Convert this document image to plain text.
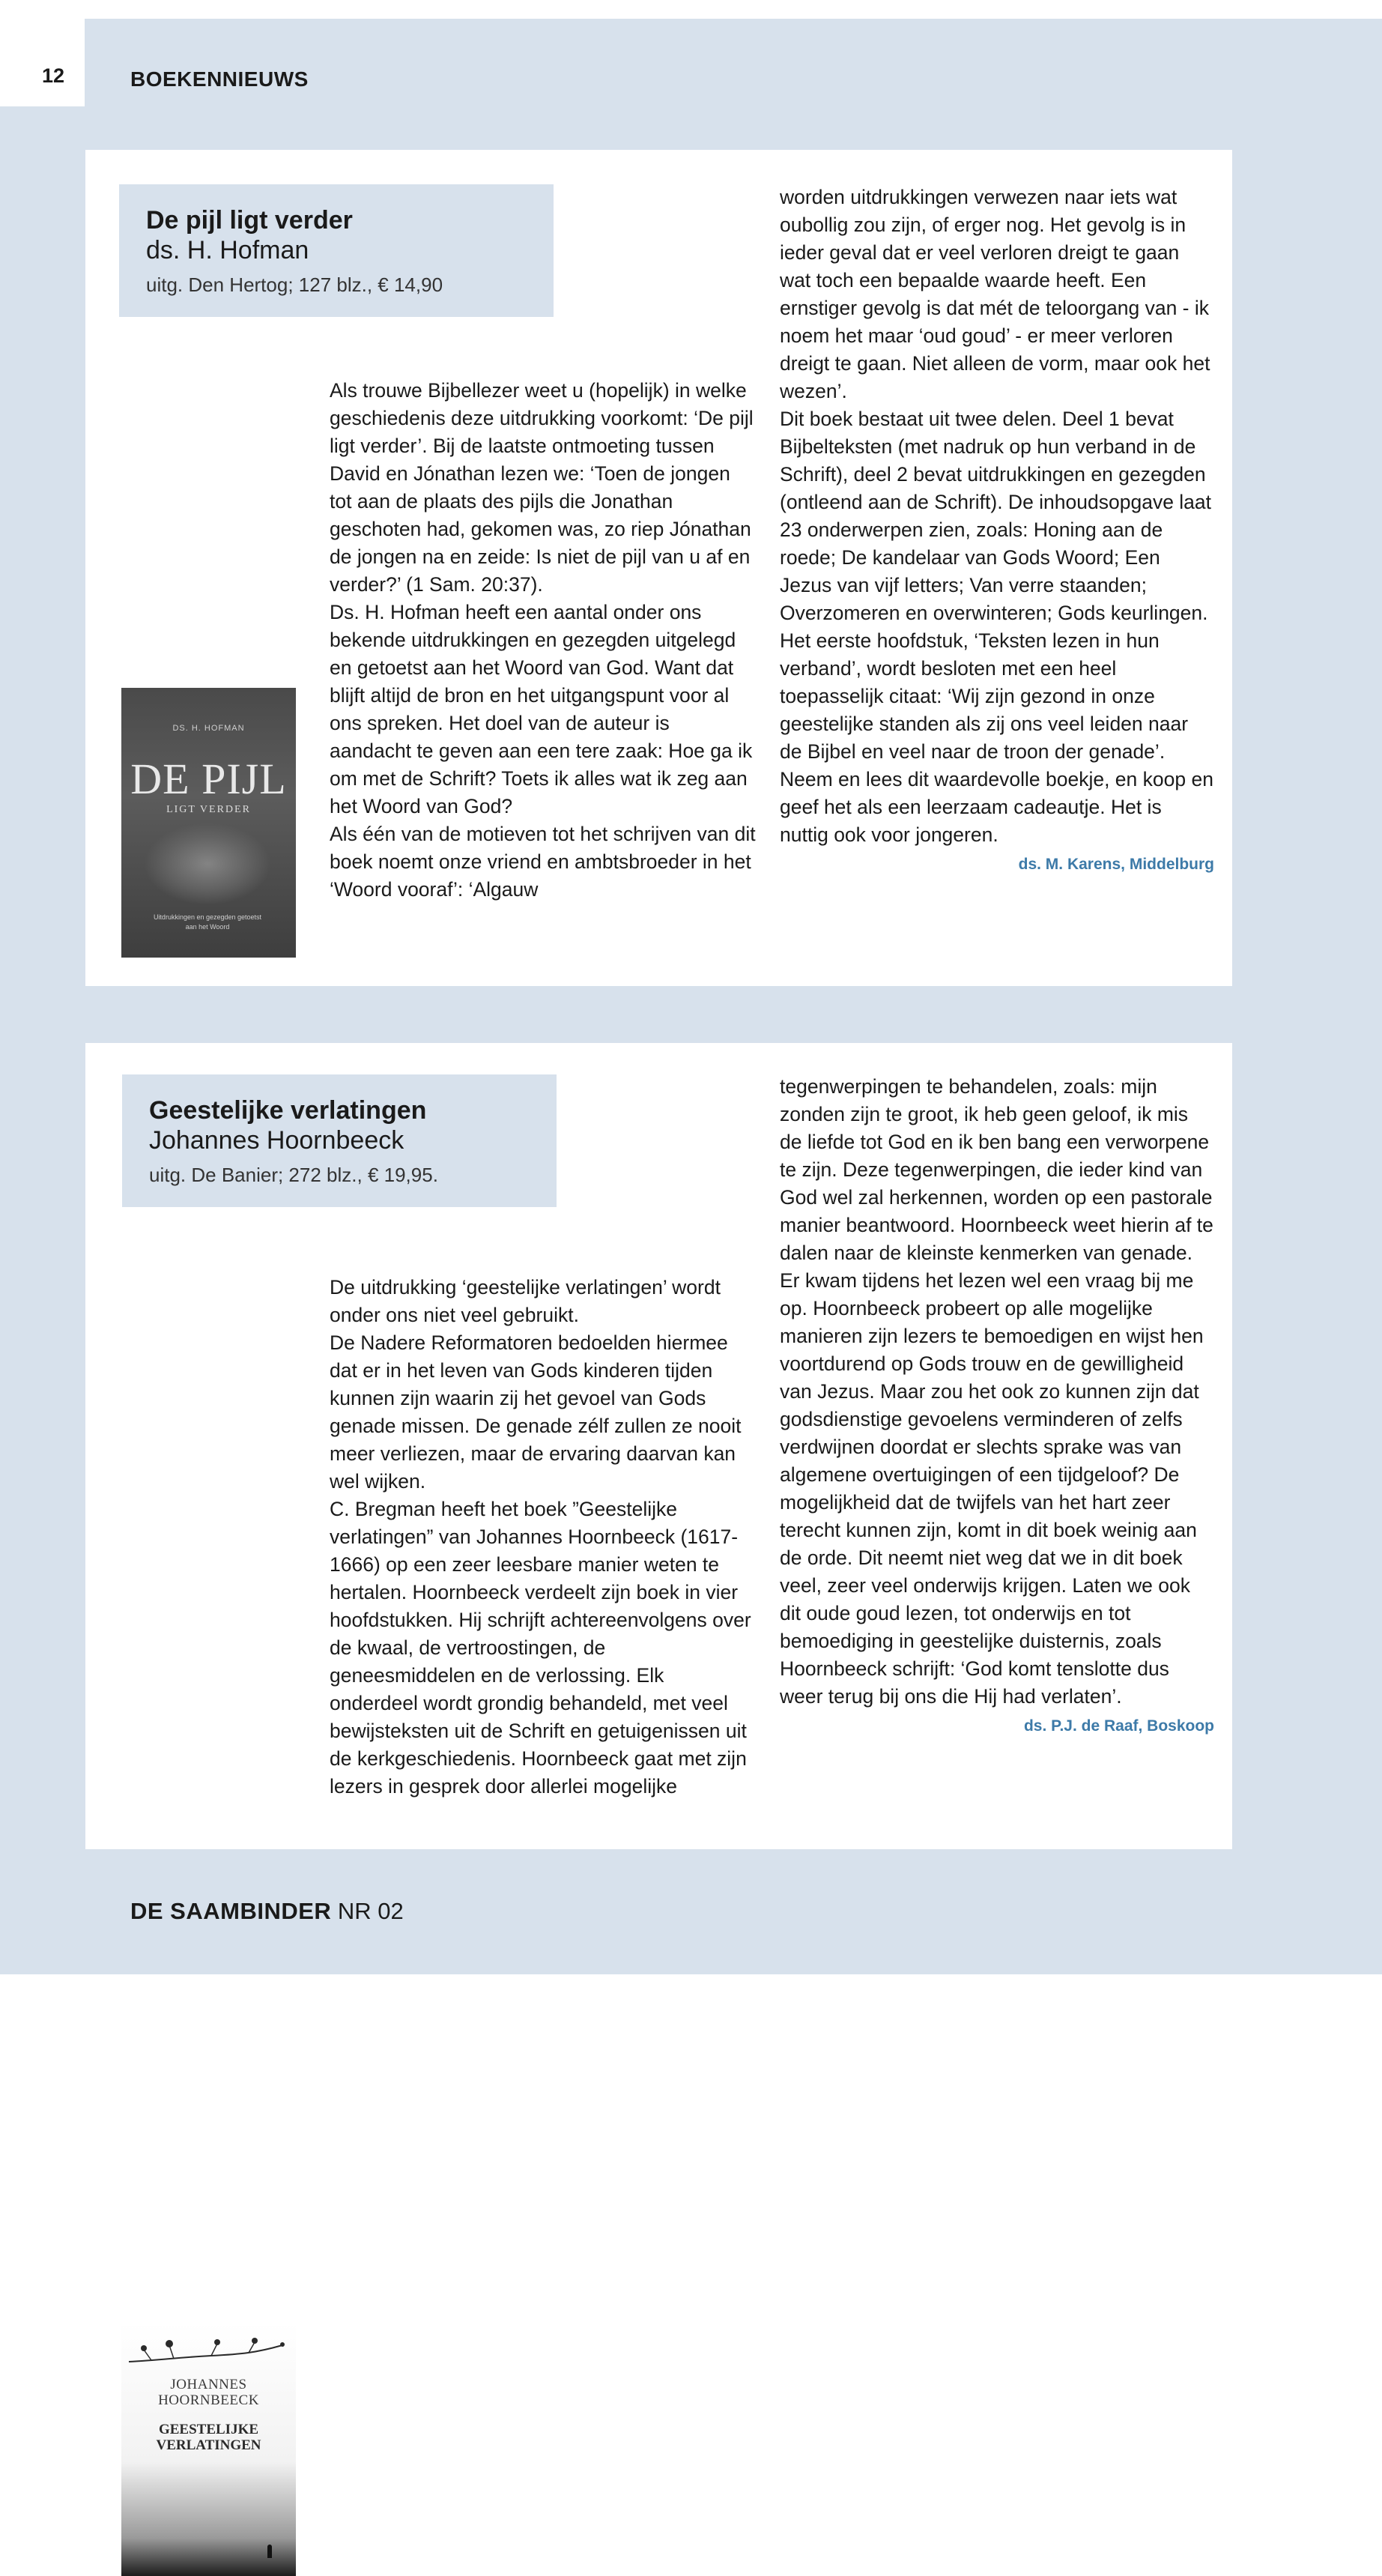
12	BOEKENNIEUWS
De pijl ligt verder
ds. H. Hofman
uitg. Den Hertog; 127 blz., € 14,90
DS. H. HOFMAN
DE PIJL
LIGT VERDER
Uitdrukkingen en gezegden getoetst aan het Woord

Als trouwe Bijbellezer weet u (hopelijk) in welke geschiedenis deze uitdrukking voorkomt: ‘De pijl ligt verder’. Bij de laatste ontmoeting tussen David en Jónathan lezen we: ‘Toen de jongen tot aan de plaats des pijls die Jonathan geschoten had, gekomen was, zo riep Jónathan de jongen na en zeide: Is niet de pijl van u af en verder?’ (1 Sam. 20:37).

Ds. H. Hofman heeft een aantal onder ons bekende uitdrukkingen en gezegden uitgelegd en getoetst aan het Woord van God. Want dat blijft altijd de bron en het uitgangspunt voor al ons spreken. Het doel van de auteur is aandacht te geven aan een tere zaak: Hoe ga ik om met de Schrift? Toets ik alles wat ik zeg aan het Woord van God?

Als één van de motieven tot het schrijven van dit boek noemt onze vriend en ambtsbroeder in het ‘Woord vooraf’: ‘Algauw

worden uitdrukkingen verwezen naar iets wat oubollig zou zijn, of erger nog. Het gevolg is in ieder geval dat er veel verloren dreigt te gaan wat toch een bepaalde waarde heeft. Een ernstiger gevolg is dat mét de teloorgang van - ik noem het maar ‘oud goud’ - er meer verloren dreigt te gaan. Niet alleen de vorm, maar ook het wezen’.

Dit boek bestaat uit twee delen. Deel 1 bevat Bijbelteksten (met nadruk op hun verband in de Schrift), deel 2 bevat uitdrukkingen en gezegden (ontleend aan de Schrift). De inhoudsopgave laat 23 onderwerpen zien, zoals: Honing aan de roede; De kandelaar van Gods Woord; Een Jezus van vijf letters; Van verre staanden; Overzomeren en overwinteren; Gods keurlingen.

Het eerste hoofdstuk, ‘Teksten lezen in hun verband’, wordt besloten met een heel toepasselijk citaat: ‘Wij zijn gezond in onze geestelijke standen als zij ons veel leiden naar de Bijbel en veel naar de troon der genade’. Neem en lees dit waardevolle boekje, en koop en geef het als een leerzaam cadeautje. Het is nuttig ook voor jongeren.

ds. M. Karens, Middelburg
Geestelijke verlatingen
Johannes Hoornbeeck
uitg. De Banier; 272 blz., € 19,95.
JOHANNES
HOORNBEECK
GEESTELIJKE
VERLATINGEN

De uitdrukking ‘geestelijke verlatingen’ wordt onder ons niet veel gebruikt.

De Nadere Reformatoren bedoelden hiermee dat er in het leven van Gods kinderen tijden kunnen zijn waarin zij het gevoel van Gods genade missen. De genade zélf zullen ze nooit meer verliezen, maar de ervaring daarvan kan wel wijken.

C. Bregman heeft het boek ”Geestelijke verlatingen” van Johannes Hoornbeeck (1617-1666) op een zeer leesbare manier weten te hertalen. Hoornbeeck verdeelt zijn boek in vier hoofdstukken. Hij schrijft achtereenvolgens over de kwaal, de vertroostingen, de geneesmiddelen en de verlossing. Elk onderdeel wordt grondig behandeld, met veel bewijsteksten uit de Schrift en getuigenissen uit de kerkgeschiedenis. Hoornbeeck gaat met zijn lezers in gesprek door allerlei mogelijke

tegenwerpingen te behandelen, zoals: mijn zonden zijn te groot, ik heb geen geloof, ik mis de liefde tot God en ik ben bang een verworpene te zijn. Deze tegenwerpingen, die ieder kind van God wel zal herkennen, worden op een pastorale manier beantwoord. Hoornbeeck weet hierin af te dalen naar de kleinste kenmerken van genade.

Er kwam tijdens het lezen wel een vraag bij me op. Hoornbeeck probeert op alle mogelijke manieren zijn lezers te bemoedigen en wijst hen voortdurend op Gods trouw en de gewilligheid van Jezus. Maar zou het ook zo kunnen zijn dat godsdienstige gevoelens verminderen of zelfs verdwijnen doordat er slechts sprake was van algemene overtuigingen of een tijdgeloof? De mogelijkheid dat de twijfels van het hart zeer terecht kunnen zijn, komt in dit boek weinig aan de orde. Dit neemt niet weg dat we in dit boek veel, zeer veel onderwijs krijgen. Laten we ook dit oude goud lezen, tot onderwijs en tot bemoediging in geestelijke duisternis, zoals Hoornbeeck schrijft: ‘God komt tenslotte dus weer terug bij ons die Hij had verlaten’.

ds. P.J. de Raaf, Boskoop
DE SAAMBINDER NR 02
